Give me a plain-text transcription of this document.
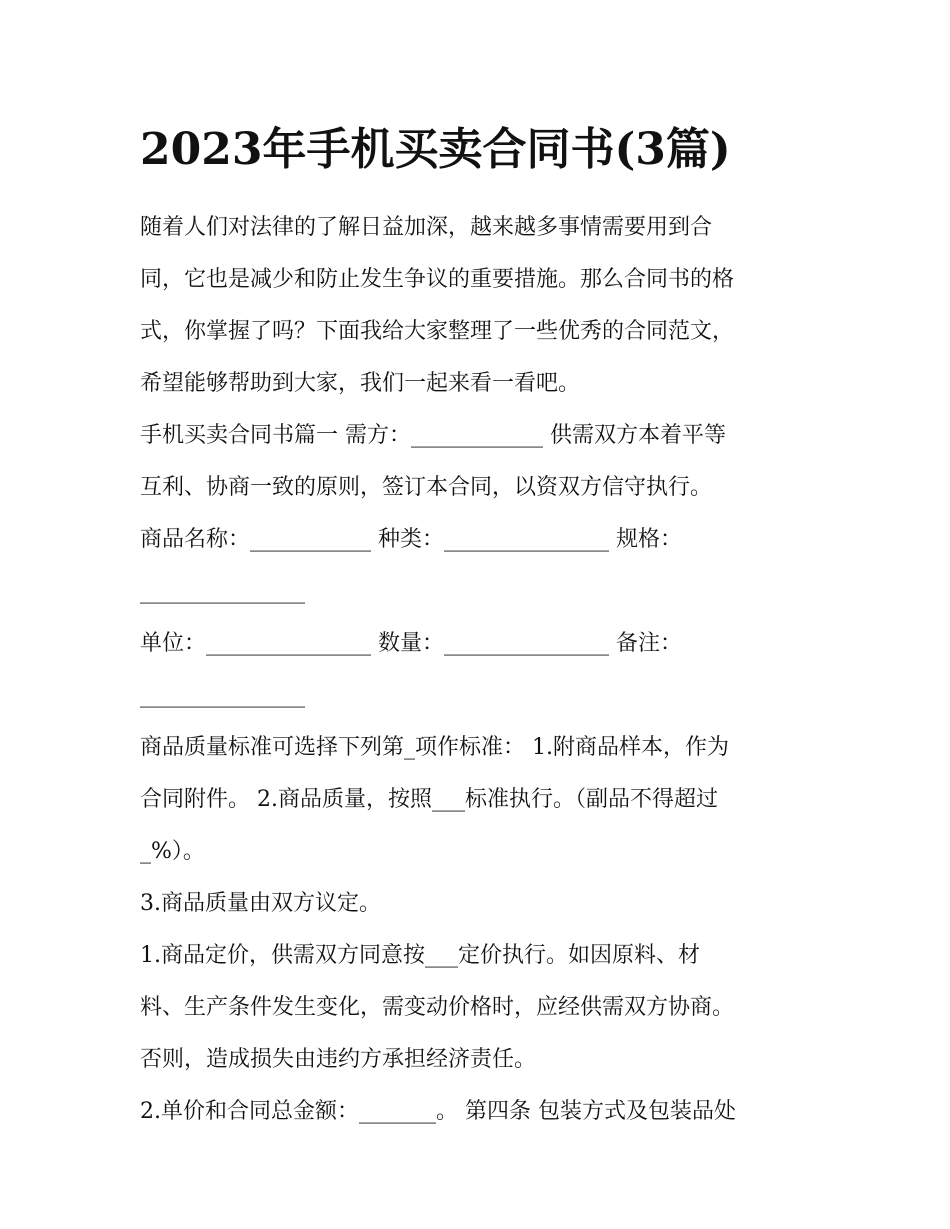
2023年手机买卖合同书(3篇)
随着人们对法律的了解日益加深，越来越多事情需要用到合
同，它也是减少和防止发生争议的重要措施。那么合同书的格
式，你掌握了吗？下面我给大家整理了一些优秀的合同范文，
希望能够帮助到大家，我们一起来看一看吧。
手机买卖合同书篇一 需方：____________ 供需双方本着平等
互利、协商一致的原则，签订本合同，以资双方信守执行。
商品名称：___________ 种类：_______________ 规格：
_______________
单位：_______________ 数量：_______________ 备注：
_______________
商品质量标准可选择下列第_项作标准： 1.附商品样本，作为
合同附件。 2.商品质量，按照___标准执行。（副品不得超过
_%）。
3.商品质量由双方议定。
1.商品定价，供需双方同意按___定价执行。如因原料、材
料、生产条件发生变化，需变动价格时，应经供需双方协商。
否则，造成损失由违约方承担经济责任。
2.单价和合同总金额：_______。 第四条 包装方式及包装品处
